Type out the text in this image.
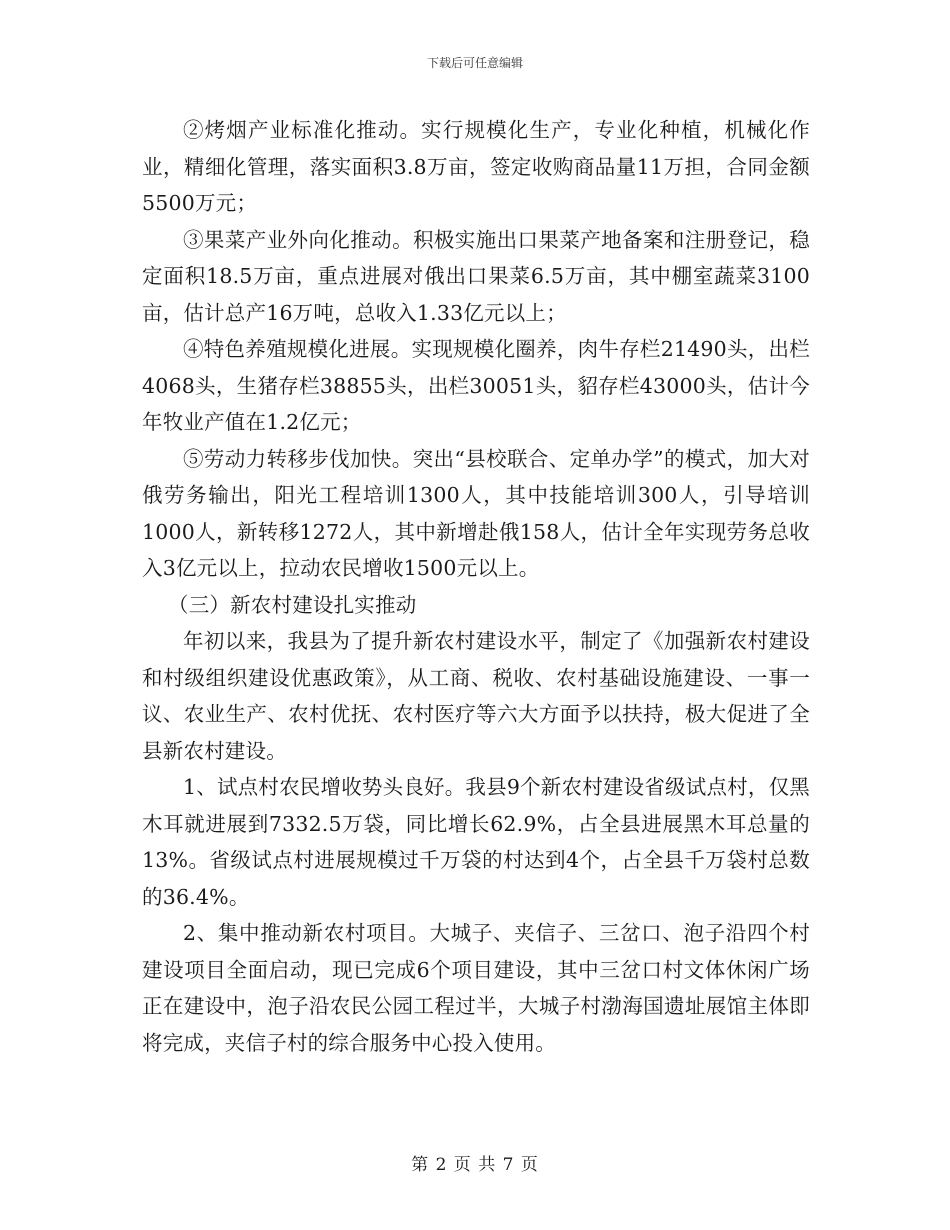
下载后可任意编辑

②烤烟产业标准化推动。实行规模化生产，专业化种植，机械化作业，精细化管理，落实面积3.8万亩，签定收购商品量11万担，合同金额5500万元；

③果菜产业外向化推动。积极实施出口果菜产地备案和注册登记，稳定面积18.5万亩，重点进展对俄出口果菜6.5万亩，其中棚室蔬菜3100亩，估计总产16万吨，总收入1.33亿元以上；

④特色养殖规模化进展。实现规模化圈养，肉牛存栏21490头，出栏4068头，生猪存栏38855头，出栏30051头，貂存栏43000头，估计今年牧业产值在1.2亿元；

⑤劳动力转移步伐加快。突出“县校联合、定单办学”的模式，加大对俄劳务输出，阳光工程培训1300人，其中技能培训300人，引导培训1000人，新转移1272人，其中新增赴俄158人，估计全年实现劳务总收入3亿元以上，拉动农民增收1500元以上。

（三）新农村建设扎实推动

年初以来，我县为了提升新农村建设水平，制定了《加强新农村建设和村级组织建设优惠政策》，从工商、税收、农村基础设施建设、一事一议、农业生产、农村优抚、农村医疗等六大方面予以扶持，极大促进了全县新农村建设。

1、试点村农民增收势头良好。我县9个新农村建设省级试点村，仅黑木耳就进展到7332.5万袋，同比增长62.9%，占全县进展黑木耳总量的13%。省级试点村进展规模过千万袋的村达到4个，占全县千万袋村总数的36.4%。

2、集中推动新农村项目。大城子、夹信子、三岔口、泡子沿四个村建设项目全面启动，现已完成6个项目建设，其中三岔口村文体休闲广场正在建设中，泡子沿农民公园工程过半，大城子村渤海国遗址展馆主体即将完成，夹信子村的综合服务中心投入使用。

第 2 页 共 7 页
